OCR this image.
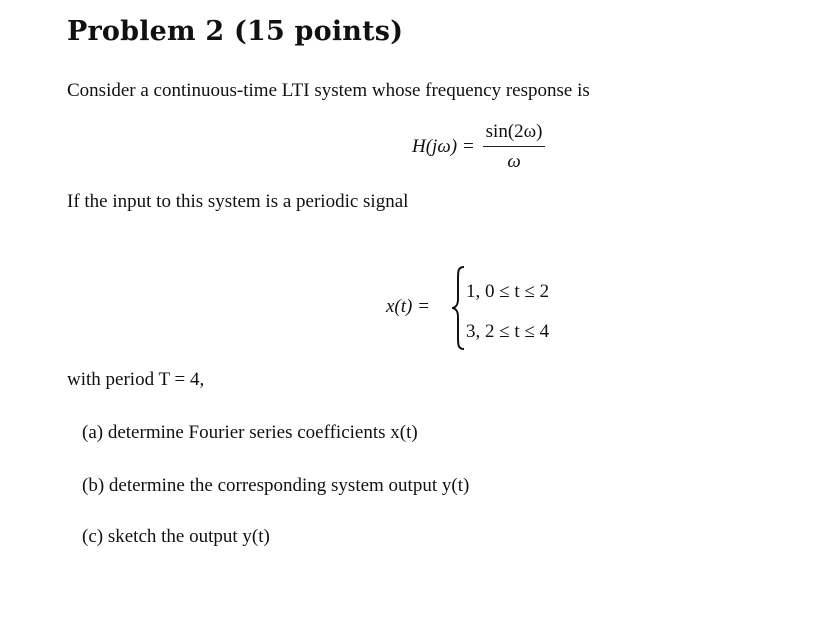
Problem 2 (15 points)
Consider a continuous-time LTI system whose frequency response is
$H(j\omega) = \frac{\sin(2\omega)}{\omega}$
If the input to this system is a periodic signal
x(t) =
1, 0 ≤ t ≤ 2
3, 2 ≤ t ≤ 4
with period T = 4,
(a) determine Fourier series coefficients x(t)
(b) determine the corresponding system output y(t)
(c) sketch the output y(t)
